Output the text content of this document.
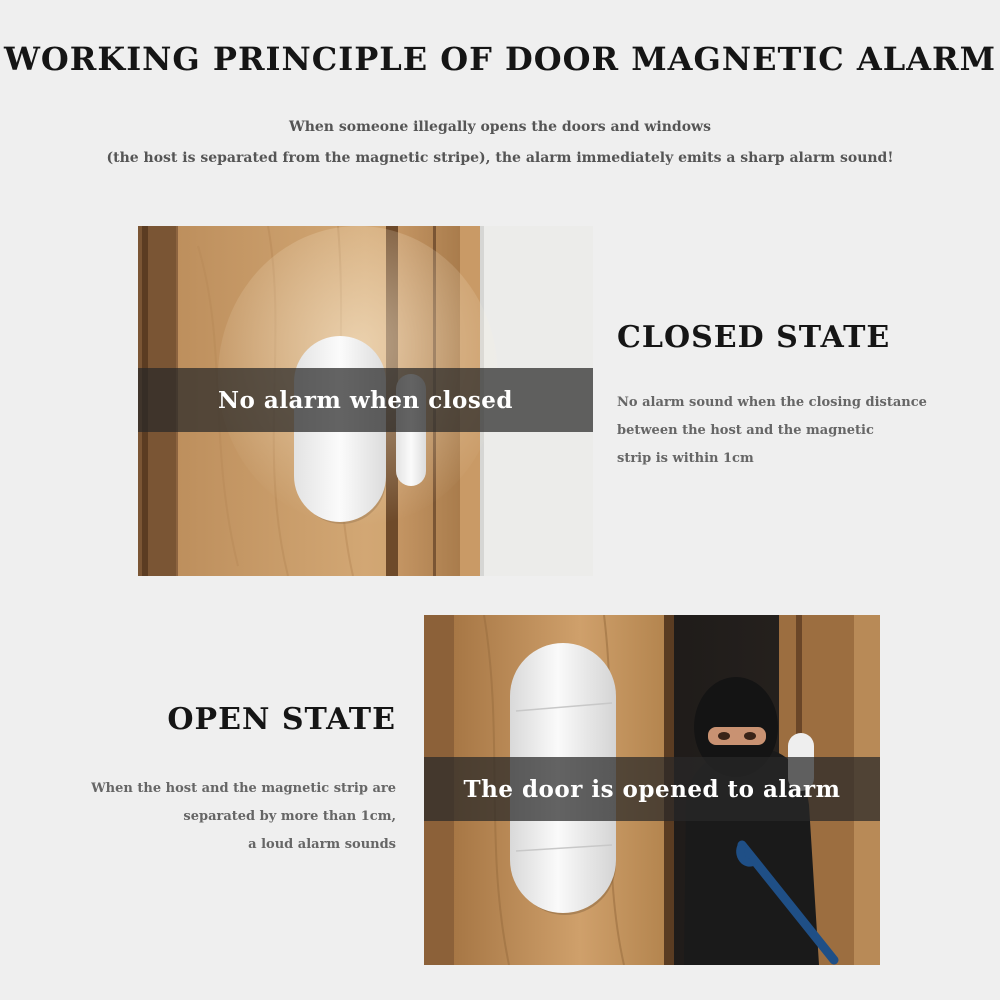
WORKING PRINCIPLE OF DOOR MAGNETIC ALARM
When someone illegally opens the doors and windows
(the host is separated from the magnetic stripe), the alarm immediately emits a sharp alarm sound!
No alarm when closed
CLOSED STATE
No alarm sound when the closing distance
between the host and the magnetic
strip is within 1cm
OPEN STATE
When the host and the magnetic strip are
separated by more than 1cm,
a loud alarm sounds
The door is opened to alarm
